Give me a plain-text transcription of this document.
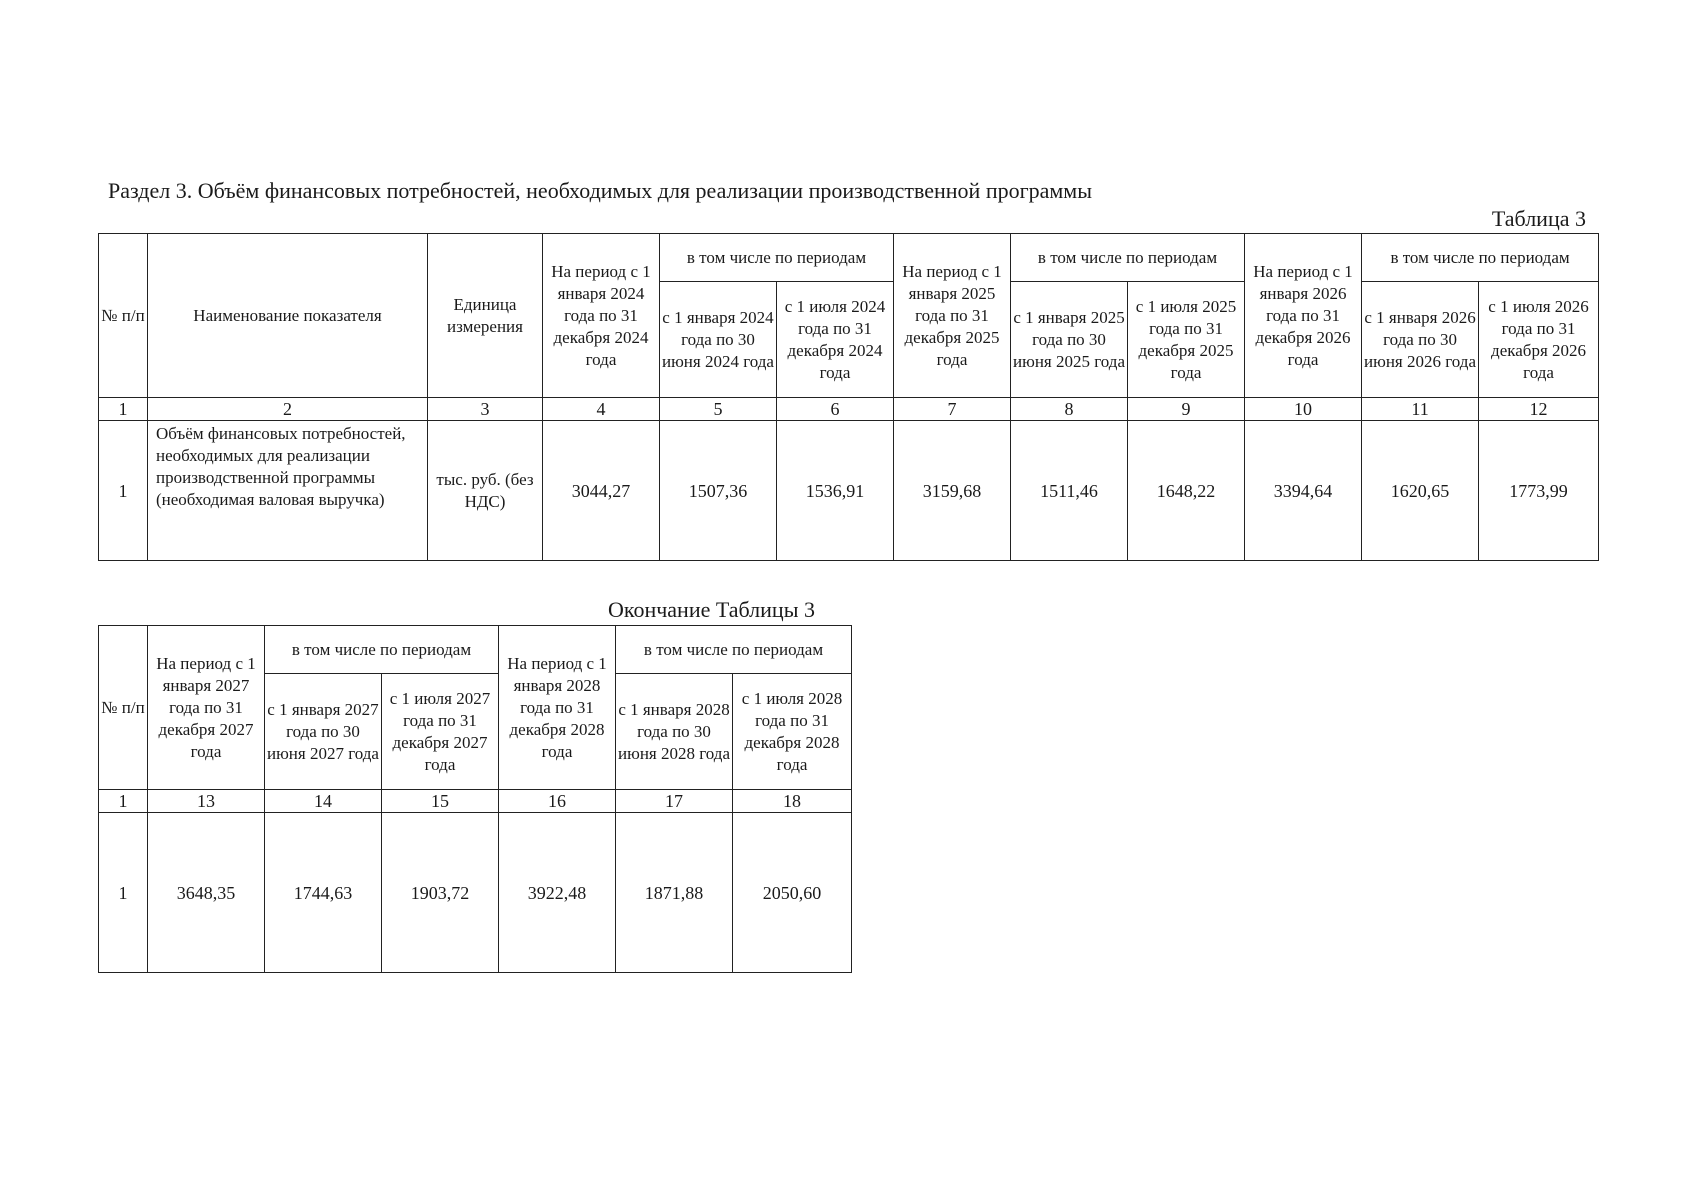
Раздел 3. Объём финансовых потребностей, необходимых для реализации производственной программы
Таблица 3
№ п/п	Наименование показателя	Единица измерения	На период с 1 января 2024 года по 31 декабря 2024 года	в том числе по периодам		На период с 1 января 2025 года по 31 декабря 2025 года	в том числе по периодам		На период с 1 января 2026 года по 31 декабря 2026 года	в том числе по периодам	
				с 1 января 2024 года по 30 июня 2024 года	с 1 июля 2024 года по 31 декабря 2024 года		с 1 января 2025 года по 30 июня 2025 года	с 1 июля 2025 года по 31 декабря 2025 года		с 1 января 2026 года по 30 июня 2026 года	с 1 июля 2026 года по 31 декабря 2026 года
1	2	3	4	5	6	7	8	9	10	11	12
1	Объём финансовых потребностей, необходимых для реализации производственной программы (необходимая валовая выручка)	тыс. руб. (без НДС)	3044,27	1507,36	1536,91	3159,68	1511,46	1648,22	3394,64	1620,65	1773,99
Окончание Таблицы 3
№ п/п	На период с 1 января 2027 года по 31 декабря 2027 года	в том числе по периодам		На период с 1 января 2028 года по 31 декабря 2028 года	в том числе по периодам	
		с 1 января 2027 года по 30 июня 2027 года	с 1 июля 2027 года по 31 декабря 2027 года		с 1 января 2028 года по 30 июня 2028 года	с 1 июля 2028 года по 31 декабря 2028 года
1	13	14	15	16	17	18
1	3648,35	1744,63	1903,72	3922,48	1871,88	2050,60
